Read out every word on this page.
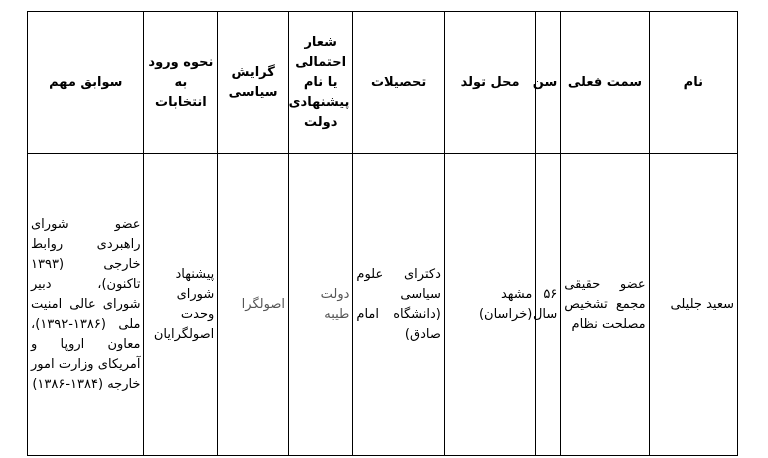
نام	سمت فعلی	سن	محل تولد	تحصیلات	شعار احتمالی یا نام پیشنهادی دولت	گرایش سیاسی	نحوه ورود به انتخابات	سوابق مهم
سعید جلیلی	عضو حقیقی مجمع تشخیص مصلحت نظام	۵۶ سال	مشهد (خراسان)	دکترای علوم سیاسی (دانشگاه امام صادق)	دولت طیبه	اصولگرا	پیشنهاد شورای وحدت اصولگرایان	عضو شورای راهبردی روابط خارجی (۱۳۹۳ تاکنون)، دبیر شورای عالی امنیت ملی (۱۳۸۶-۱۳۹۲)، معاون اروپا و آمریکای وزارت امور خارجه (۱۳۸۴-۱۳۸۶)
